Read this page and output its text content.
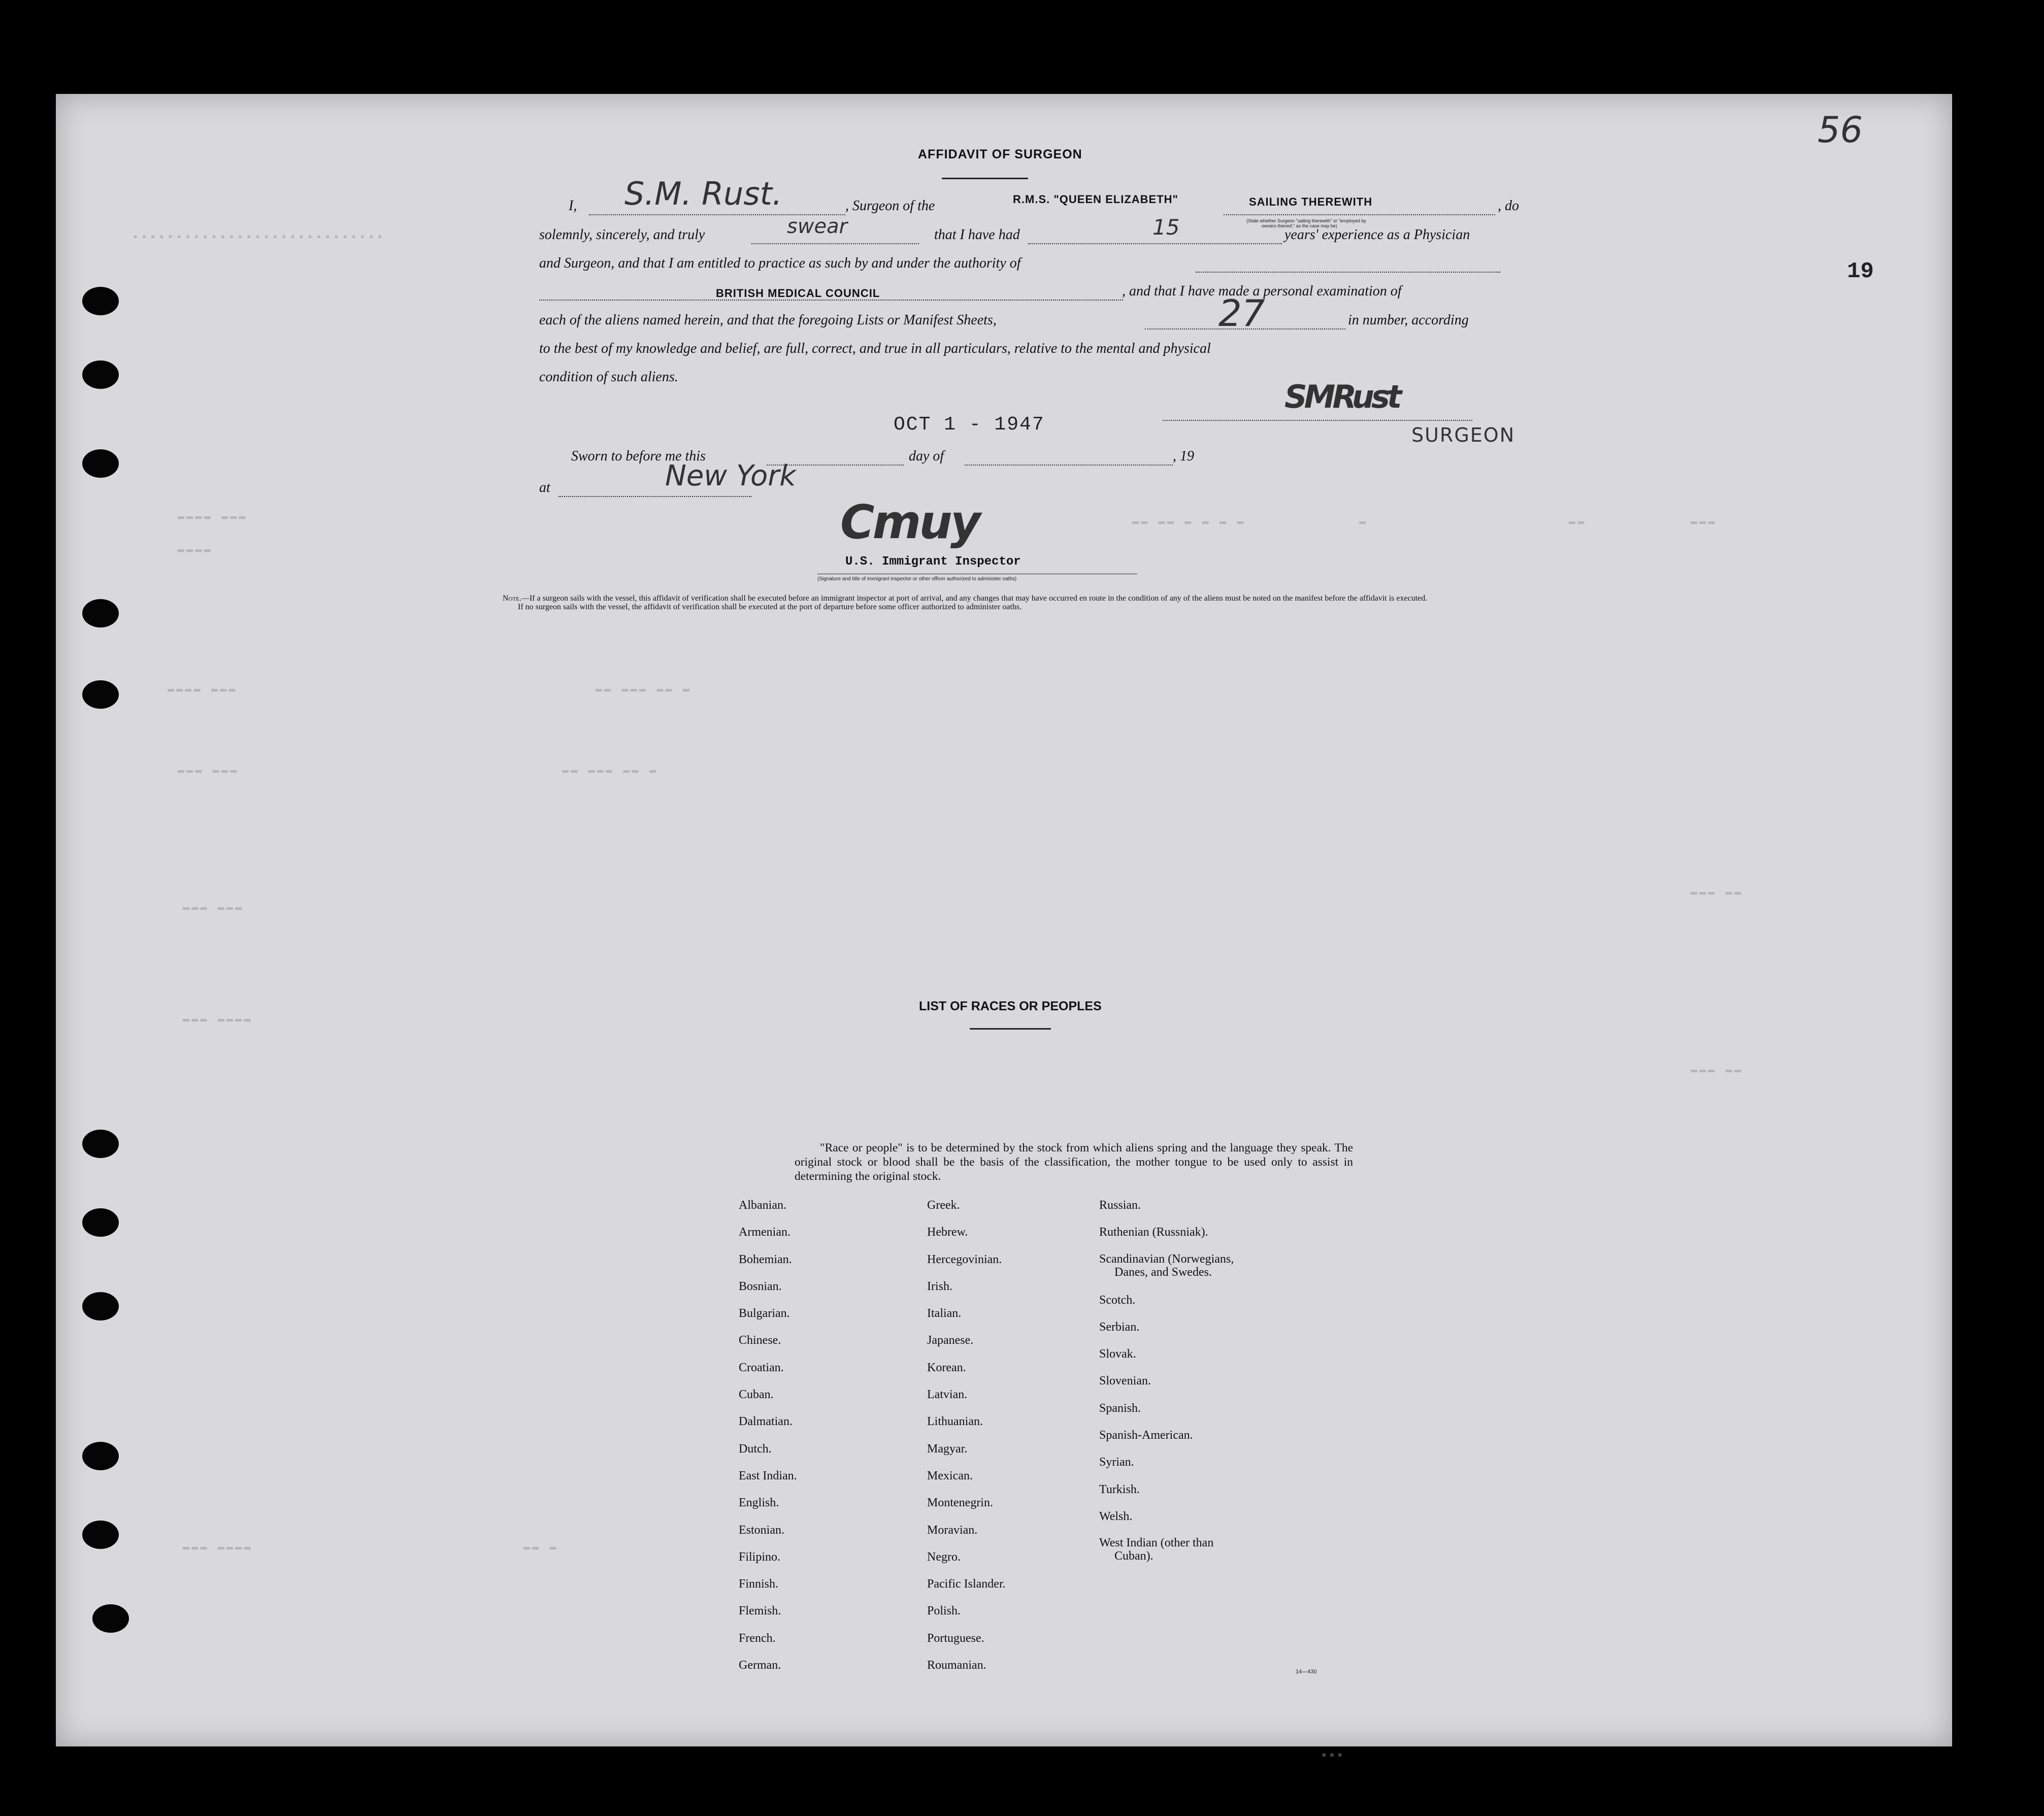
▪▪▪▪▪▪▪▪▪▪▪▪▪▪▪▪▪▪▪▪▪▪▪▪▪▪▪▪▪
▬▬▬▬ ▬▬▬
▬▬▬▬
▬▬ ▬▬ ▬ ▬ ▬ ▬             ▬                       ▬▬
▬▬▬▬ ▬▬▬                                         ▬▬ ▬▬▬ ▬▬ ▬
▬▬▬ ▬▬▬                                     ▬▬ ▬▬▬ ▬▬ ▬
▬▬▬ ▬▬▬
▬▬▬ ▬▬▬▬
▬▬▬ ▬▬▬▬                               ▬▬ ▬
▬▬▬
▬▬▬ ▬▬
▬▬▬ ▬▬
56
19
AFFIDAVIT OF SURGEON
I, S.M. Rust.	, Surgeon of the	R.M.S. "QUEEN ELIZABETH"	SAILING THEREWITH	, do
(State whether Surgeon "sailing therewith" or "employed by
owners thereof," as the case may be)
solemnly, sincerely, and truly	swear	that I have had	15	years' experience as a Physician
and Surgeon, and that I am entitled to practice as such by and under the authority of
BRITISH MEDICAL COUNCIL	, and that I have made a personal examination of
each of the aliens named herein, and that the foregoing Lists or Manifest Sheets,	27	in number, according
to the best of my knowledge and belief, are full, correct, and true in all particulars, relative to the mental and physical
condition of such aliens.
OCT 1 - 1947
SMRust
SURGEON
Sworn to before me this	day of	, 19
at	New York
Cmuy
U.S. Immigrant Inspector
(Signature and title of immigrant inspector or other officer authorized to administer oaths)
Note.—If a surgeon sails with the vessel, this affidavit of verification shall be executed before an immigrant inspector at port of arrival, and any changes that may have occurred en route in the condition of any of the aliens must be noted on the manifest before the affidavit is executed.
If no surgeon sails with the vessel, the affidavit of verification shall be executed at the port of departure before some officer authorized to administer oaths.
LIST OF RACES OR PEOPLES
"Race or people" is to be determined by the stock from which aliens spring and the language they speak. The original stock or blood shall be the basis of the classification, the mother tongue to be used only to assist in determining the original stock.
Albanian.
Armenian.
Bohemian.
Bosnian.
Bulgarian.
Chinese.
Croatian.
Cuban.
Dalmatian.
Dutch.
East Indian.
English.
Estonian.
Filipino.
Finnish.
Flemish.
French.
German.
Greek.
Hebrew.
Hercegovinian.
Irish.
Italian.
Japanese.
Korean.
Latvian.
Lithuanian.
Magyar.
Mexican.
Montenegrin.
Moravian.
Negro.
Pacific Islander.
Polish.
Portuguese.
Roumanian.
Russian.
Ruthenian (Russniak).
Scandinavian (Norwegians,
Danes, and Swedes.
Scotch.
Serbian.
Slovak.
Slovenian.
Spanish.
Spanish-American.
Syrian.
Turkish.
Welsh.
West Indian (other than
Cuban).
14—430
▪▪▪
